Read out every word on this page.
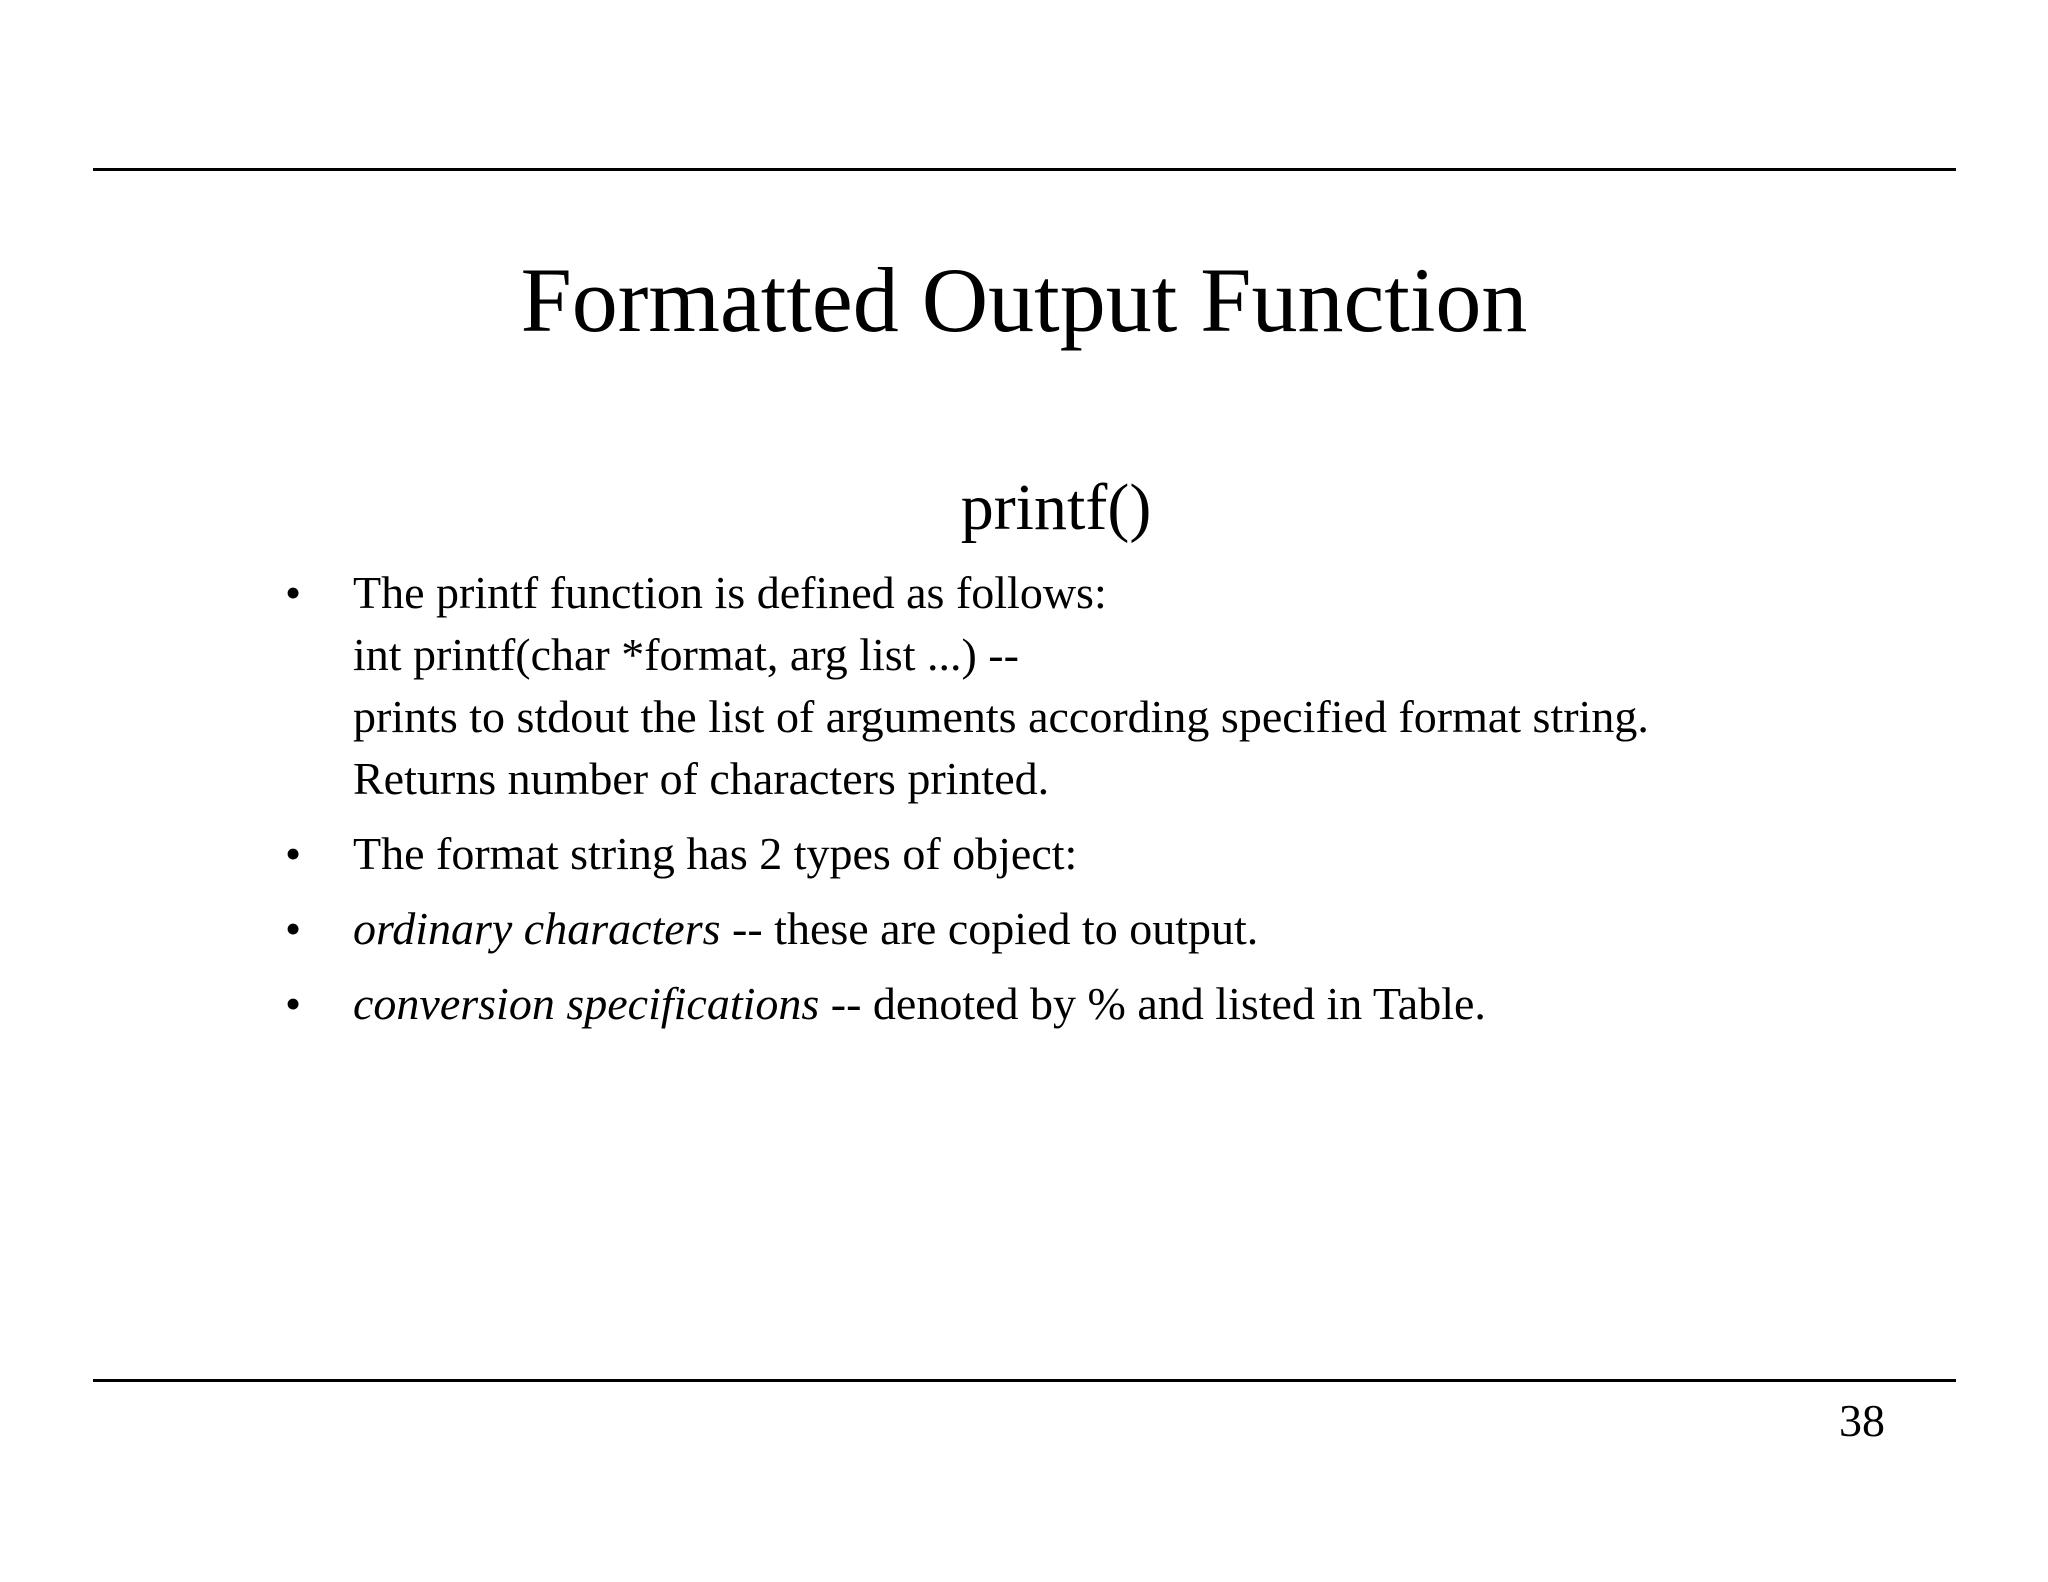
Formatted Output Function
printf()
• The printf function is defined as follows:
int printf(char *format, arg list ...) --
prints to stdout the list of arguments according specified format string.
Returns number of characters printed.
• The format string has 2 types of object:
• ordinary characters -- these are copied to output.
• conversion specifications -- denoted by % and listed in Table.
38
